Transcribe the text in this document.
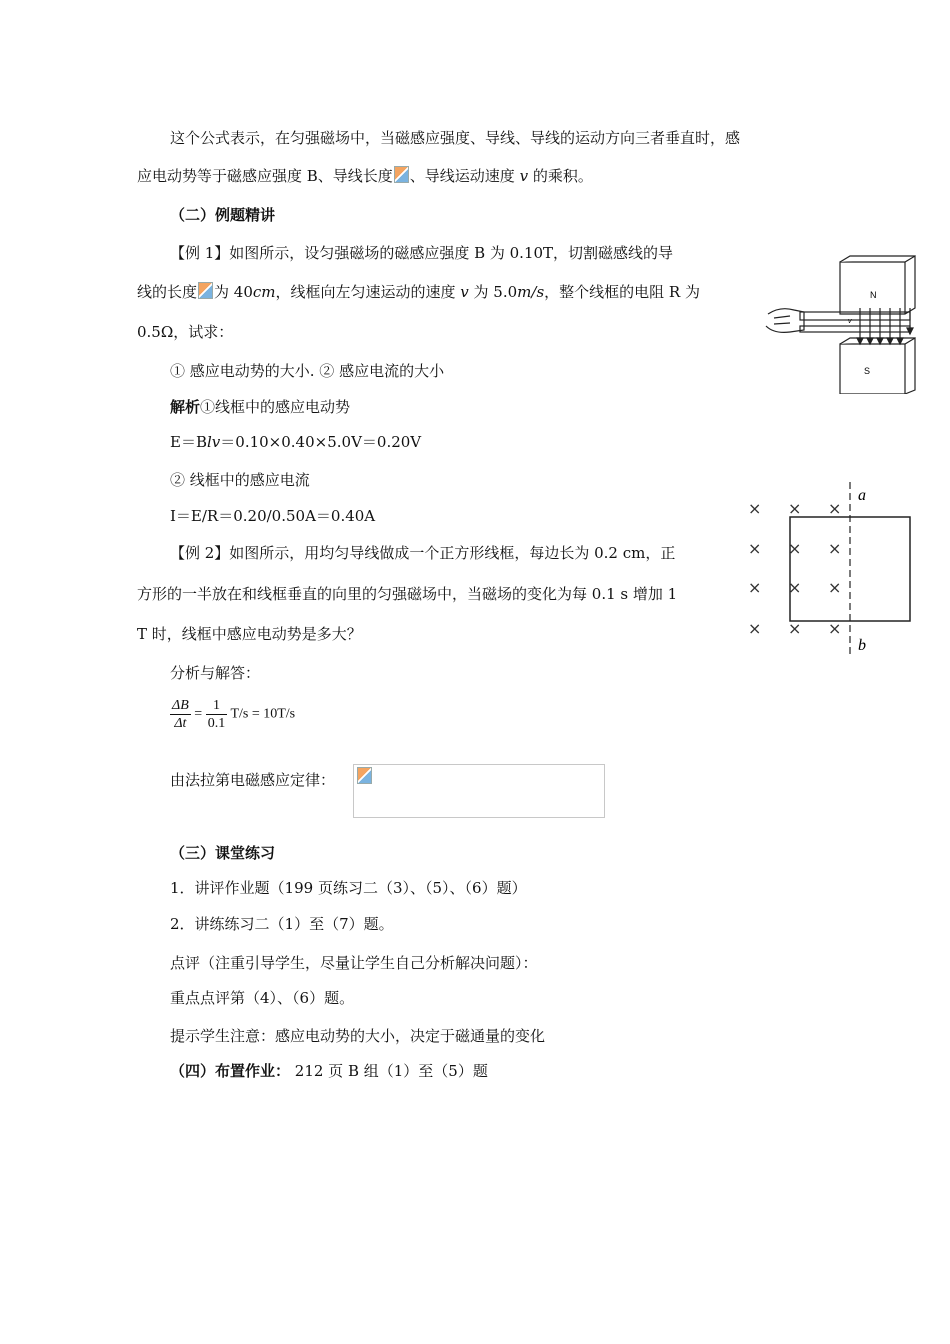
这个公式表示，在匀强磁场中，当磁感应强度、导线、导线的运动方向三者垂直时，感
应电动势等于磁感应强度 B、导线长度 、导线运动速度 v 的乘积。
（二）例题精讲
【例 1】如图所示，设匀强磁场的磁感应强度 B 为 0.10T，切割磁感线的导
线的长度 为 40cm，线框向左匀速运动的速度 v 为 5.0m/s，整个线框的电阻 R 为
0.5Ω，试求：
① 感应电动势的大小. ② 感应电流的大小
解析①线框中的感应电动势
E＝Blv＝0.10×0.40×5.0V＝0.20V
② 线框中的感应电流
I＝E/R＝0.20/0.50A＝0.40A
【例 2】如图所示，用均匀导线做成一个正方形线框，每边长为 0.2 cm，正
方形的一半放在和线框垂直的向里的匀强磁场中，当磁场的变化为每 0.1 s 增加 1
T 时，线框中感应电动势是多大？
分析与解答：
$\frac{\Delta B}{\Delta t} = \frac{1}{0.1} T/s = 10T/s$
由法拉第电磁感应定律：
（三）课堂练习
1．讲评作业题（199 页练习二（3）、（5）、（6）题）
2．讲练练习二（1）至（7）题。
点评（注重引导学生，尽量让学生自己分析解决问题）：
重点点评第（4）、（6）题。
提示学生注意：感应电动势的大小，决定于磁通量的变化
（四）布置作业： 212 页 B 组（1）至（5）题
N
S
v
× × ×
× × ×
× × ×
× × ×
a
b
